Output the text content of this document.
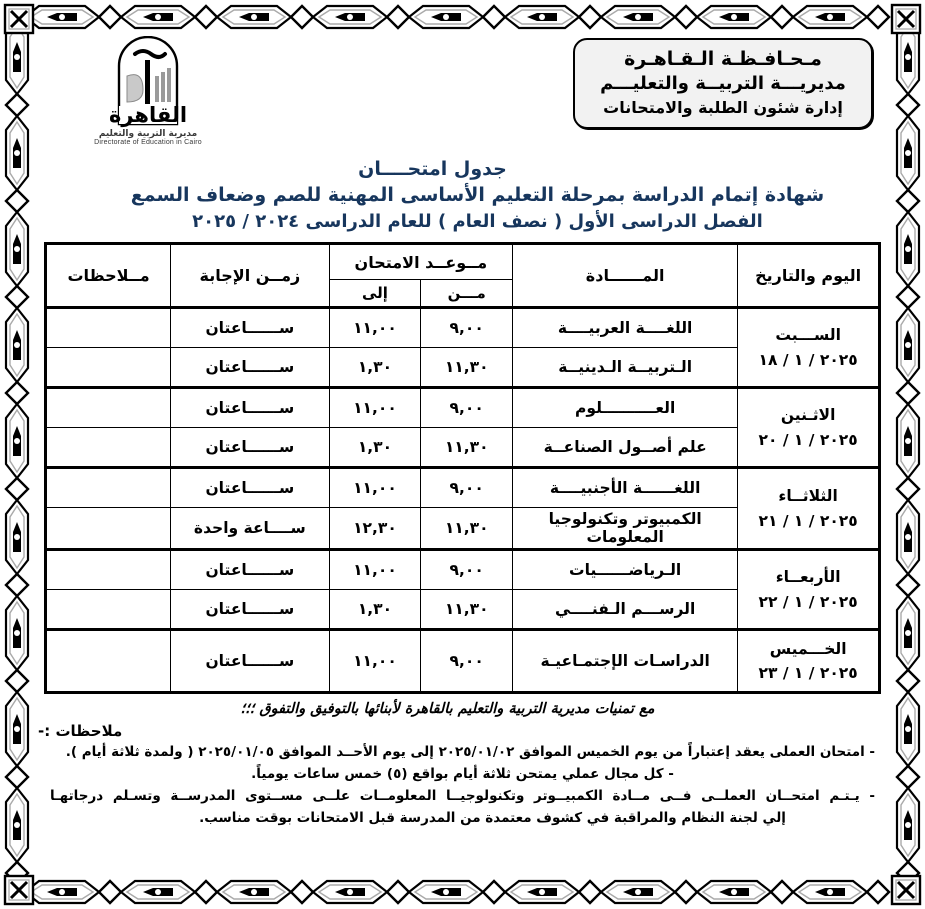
القاهرة
مديرية التربية والتعليم
Directorate of Education in Cairo
مـحـافـظـة الـقـاهـرة
مديريـــة التربيــة والتعليـــم
إدارة شئون الطلبة والامتحانات
جدول امتحــــان
شهادة إتمام الدراسة بمرحلة التعليم الأساسى المهنية للصم وضعاف السمع
الفصل الدراسى الأول ( نصف العام ) للعام الدراسى ٢٠٢٤ / ٢٠٢٥
اليوم والتاريخ	المــــــادة	مــوعــد الامتحان		زمــن الإجابة	مــلاحظات
		مـــن	إلى		

الســـبت
٢٠٢٥ / ١ / ١٨	اللغــــة العربيــــة	٩,٠٠	١١,٠٠	ســــــاعتان	
	الـتربيــة الـدينيــة	١١,٣٠	١,٣٠	ســــــاعتان	

الاثـنين
٢٠٢٥ / ١ / ٢٠	العــــــــــلوم	٩,٠٠	١١,٠٠	ســــــاعتان	
	علم أصــول الصناعــة	١١,٣٠	١,٣٠	ســــــاعتان	

الثلاثــاء
٢٠٢٥ / ١ / ٢١	اللغــــــة الأجنبيــــة	٩,٠٠	١١,٠٠	ســــــاعتان	
	الكمبيوتر وتكنولوجيا المعلومات	١١,٣٠	١٢,٣٠	ســــاعة واحدة	

الأربعــاء
٢٠٢٥ / ١ / ٢٢	الـرياضــــــيات	٩,٠٠	١١,٠٠	ســــــاعتان	
	الرســـم الـفنــــي	١١,٣٠	١,٣٠	ســــــاعتان	

الخـــميس
٢٠٢٥ / ١ / ٢٣	الدراسـات الإجتمـاعيـة	٩,٠٠	١١,٠٠	ســــــاعتان	
مع تمنيات مديرية التربية والتعليم بالقاهرة لأبنائها بالتوفيق والتفوق ؛؛؛
ملاحظات :-
- امتحان العملى يعقد إعتباراً من يوم الخميس الموافق ٢٠٢٥/٠١/٠٢ إلى يوم الأحــد الموافق ٢٠٢٥/٠١/٠٥ ( ولمدة ثلاثة أيام ).
- كل مجال عملي يمتحن ثلاثة أيام بواقع (٥) خمس ساعات يومياً.
- يـتـم امتحــان العملــى فــى مــادة الكمبيــوتر وتكنولوجيــا المعلومــات علــى مســتوى المدرســة وتسـلم درجاتهـا
إلي لجنة النظام والمراقبة في كشوف معتمدة من المدرسة قبل الامتحانات بوقت مناسب.
